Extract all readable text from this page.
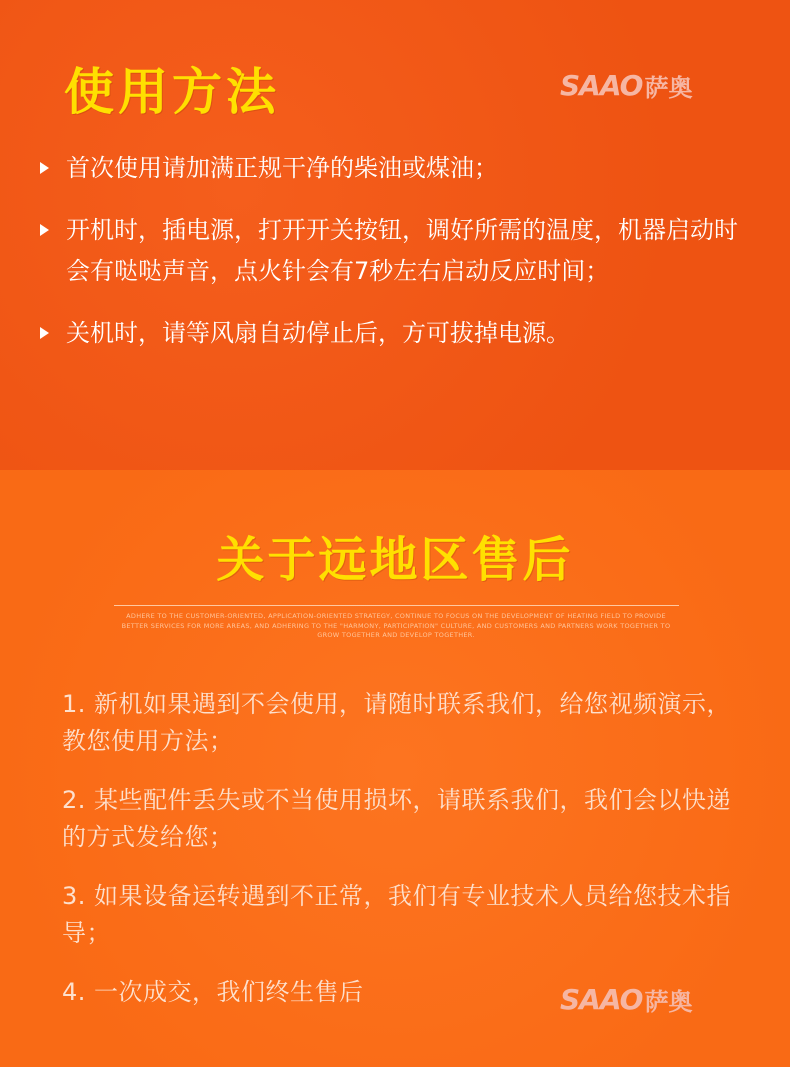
使用方法	SAAO 萨奥
首次使用请加满正规干净的柴油或煤油；
开机时，插电源，打开开关按钮，调好所需的温度，机器启动时会有哒哒声音，点火针会有7秒左右启动反应时间；
关机时，请等风扇自动停止后，方可拔掉电源。
关于远地区售后
ADHERE TO THE CUSTOMER-ORIENTED, APPLICATION-ORIENTED STRATEGY, CONTINUE TO FOCUS ON THE DEVELOPMENT OF HEATING FIELD TO PROVIDE BETTER SERVICES FOR MORE AREAS, AND ADHERING TO THE "HARMONY, PARTICIPATION" CULTURE, AND CUSTOMERS AND PARTNERS WORK TOGETHER TO GROW TOGETHER AND DEVELOP TOGETHER.
1. 新机如果遇到不会使用，请随时联系我们，给您视频演示，教您使用方法；
2. 某些配件丢失或不当使用损坏，请联系我们，我们会以快递的方式发给您；
3. 如果设备运转遇到不正常，我们有专业技术人员给您技术指导；
4. 一次成交，我们终生售后	SAAO 萨奥
